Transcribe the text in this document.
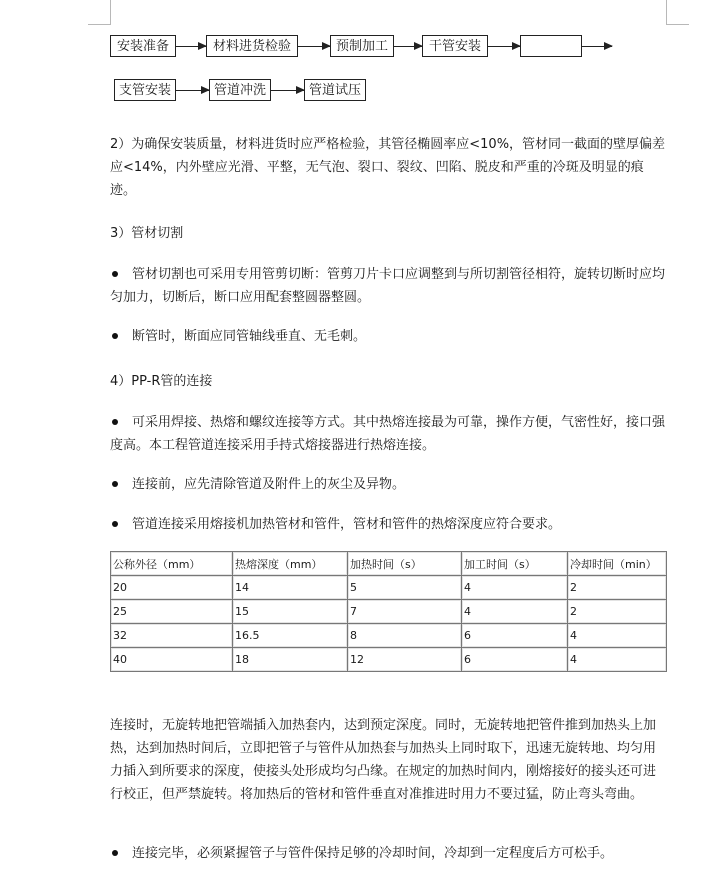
安装准备	材料进货检验	预制加工	干管安装
支管安装	管道冲洗	管道试压

2）为确保安装质量，材料进货时应严格检验，其管径椭圆率应<10%，管材同一截面的壁厚偏差应<14%，内外壁应光滑、平整，无气泡、裂口、裂纹、凹陷、脱皮和严重的冷斑及明显的痕迹。

3）管材切割

管材切割也可采用专用管剪切断：管剪刀片卡口应调整到与所切割管径相符，旋转切断时应均匀加力，切断后，断口应用配套整圆器整圆。

断管时，断面应同管轴线垂直、无毛刺。

4）PP-R管的连接

可采用焊接、热熔和螺纹连接等方式。其中热熔连接最为可靠，操作方便，气密性好，接口强度高。本工程管道连接采用手持式熔接器进行热熔连接。

连接前，应先清除管道及附件上的灰尘及异物。

管道连接采用熔接机加热管材和管件，管材和管件的热熔深度应符合要求。

公称外径（mm）	热熔深度（mm）	加热时间（s）	加工时间（s）	冷却时间（min）
20	14	5	4	2
25	15	7	4	2
32	16.5	8	6	4
40	18	12	6	4

连接时，无旋转地把管端插入加热套内，达到预定深度。同时，无旋转地把管件推到加热头上加热，达到加热时间后，立即把管子与管件从加热套与加热头上同时取下，迅速无旋转地、均匀用力插入到所要求的深度，使接头处形成均匀凸缘。在规定的加热时间内，刚熔接好的接头还可进行校正，但严禁旋转。将加热后的管材和管件垂直对准推进时用力不要过猛，防止弯头弯曲。

连接完毕，必须紧握管子与管件保持足够的冷却时间，冷却到一定程度后方可松手。
